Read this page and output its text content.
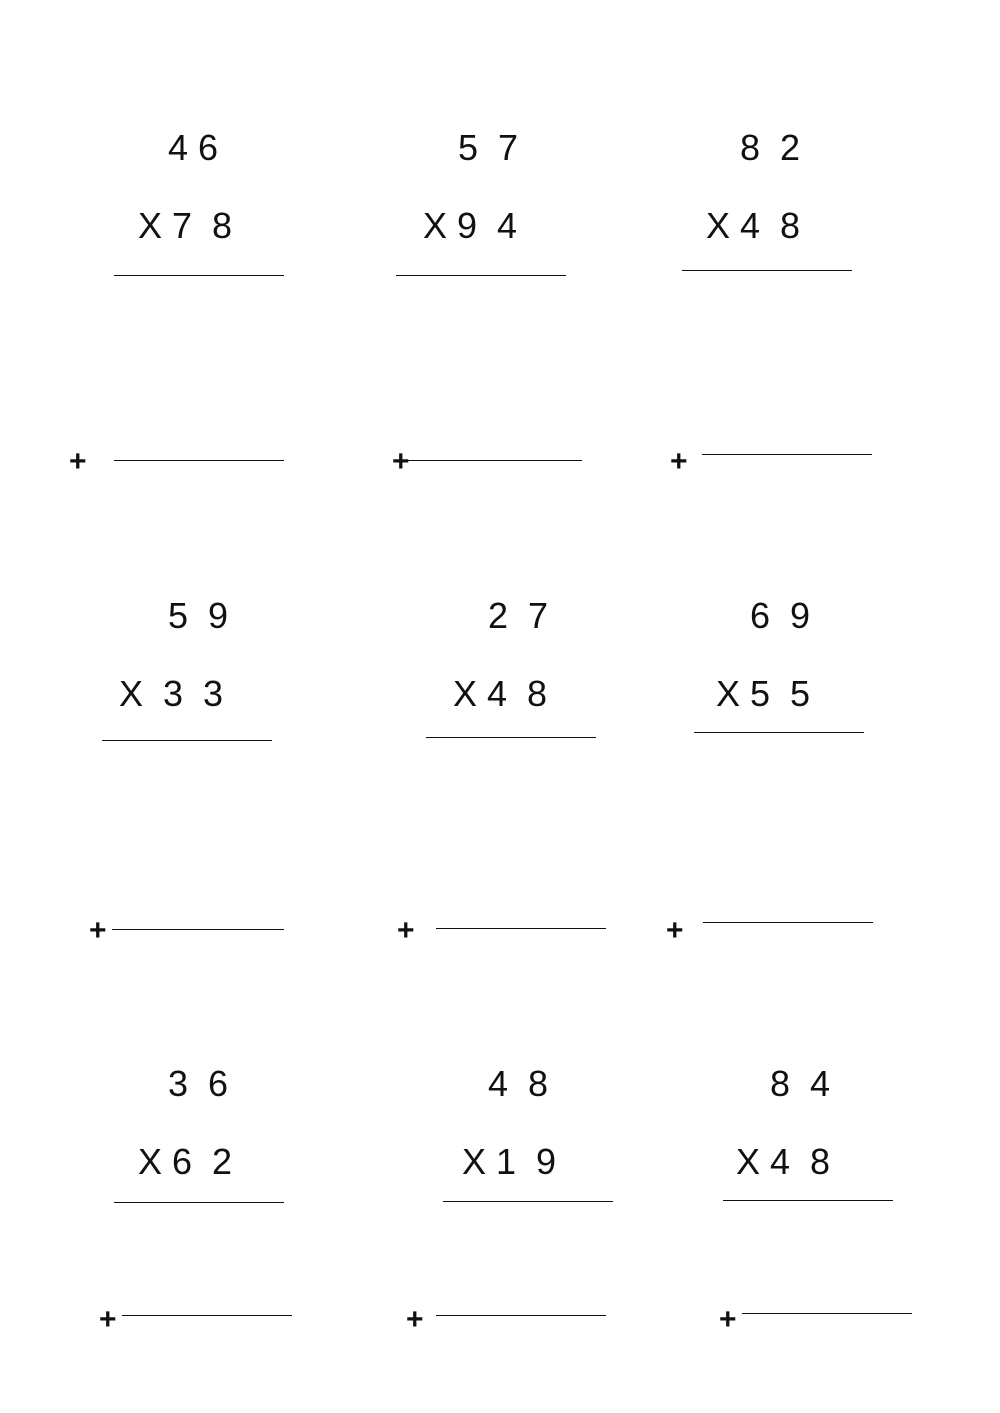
4 6
X 7  8
+
5  7
X 9  4
+
8  2
X 4  8
+
5  9
X  3  3
+
2  7
X 4  8
+
6  9
X 5  5
+
3  6
X 6  2
+
4  8
X 1  9
+
8  4
X 4  8
+
